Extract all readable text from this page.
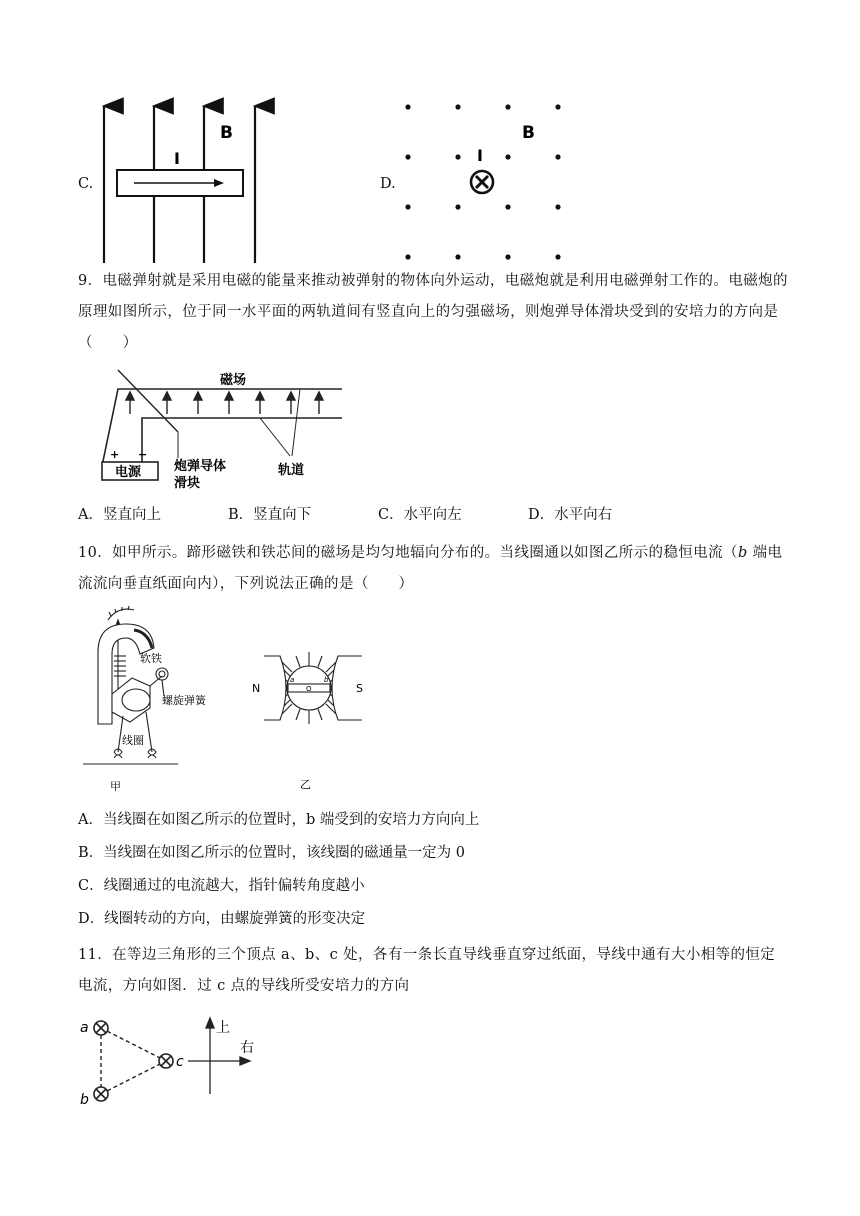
C.
I
B
D.
I
B
9．电磁弹射就是采用电磁的能量来推动被弹射的物体向外运动，电磁炮就是利用电磁弹射工作的。电磁炮的原理如图所示，位于同一水平面的两轨道间有竖直向上的匀强磁场，则炮弹导体滑块受到的安培力的方向是（　　）
磁场
+ −
电源	炮弹导体
滑块
轨道
A．竖直向上	B．竖直向下	C．水平向左	D．水平向右
10．如甲所示。蹄形磁铁和铁芯间的磁场是均匀地辐向分布的。当线圈通以如图乙所示的稳恒电流（b 端电流流向垂直纸面向内），下列说法正确的是（　　）
软铁
螺旋弹簧
线圈
甲
N	S
a
O
b
乙
A．当线圈在如图乙所示的位置时，b 端受到的安培力方向向上
B．当线圈在如图乙所示的位置时，该线圈的磁通量一定为 0
C．线圈通过的电流越大，指针偏转角度越小
D．线圈转动的方向，由螺旋弹簧的形变决定
11．在等边三角形的三个顶点 a、b、c 处，各有一条长直导线垂直穿过纸面，导线中通有大小相等的恒定电流，方向如图．过 c 点的导线所受安培力的方向
a
b
c
上
右
